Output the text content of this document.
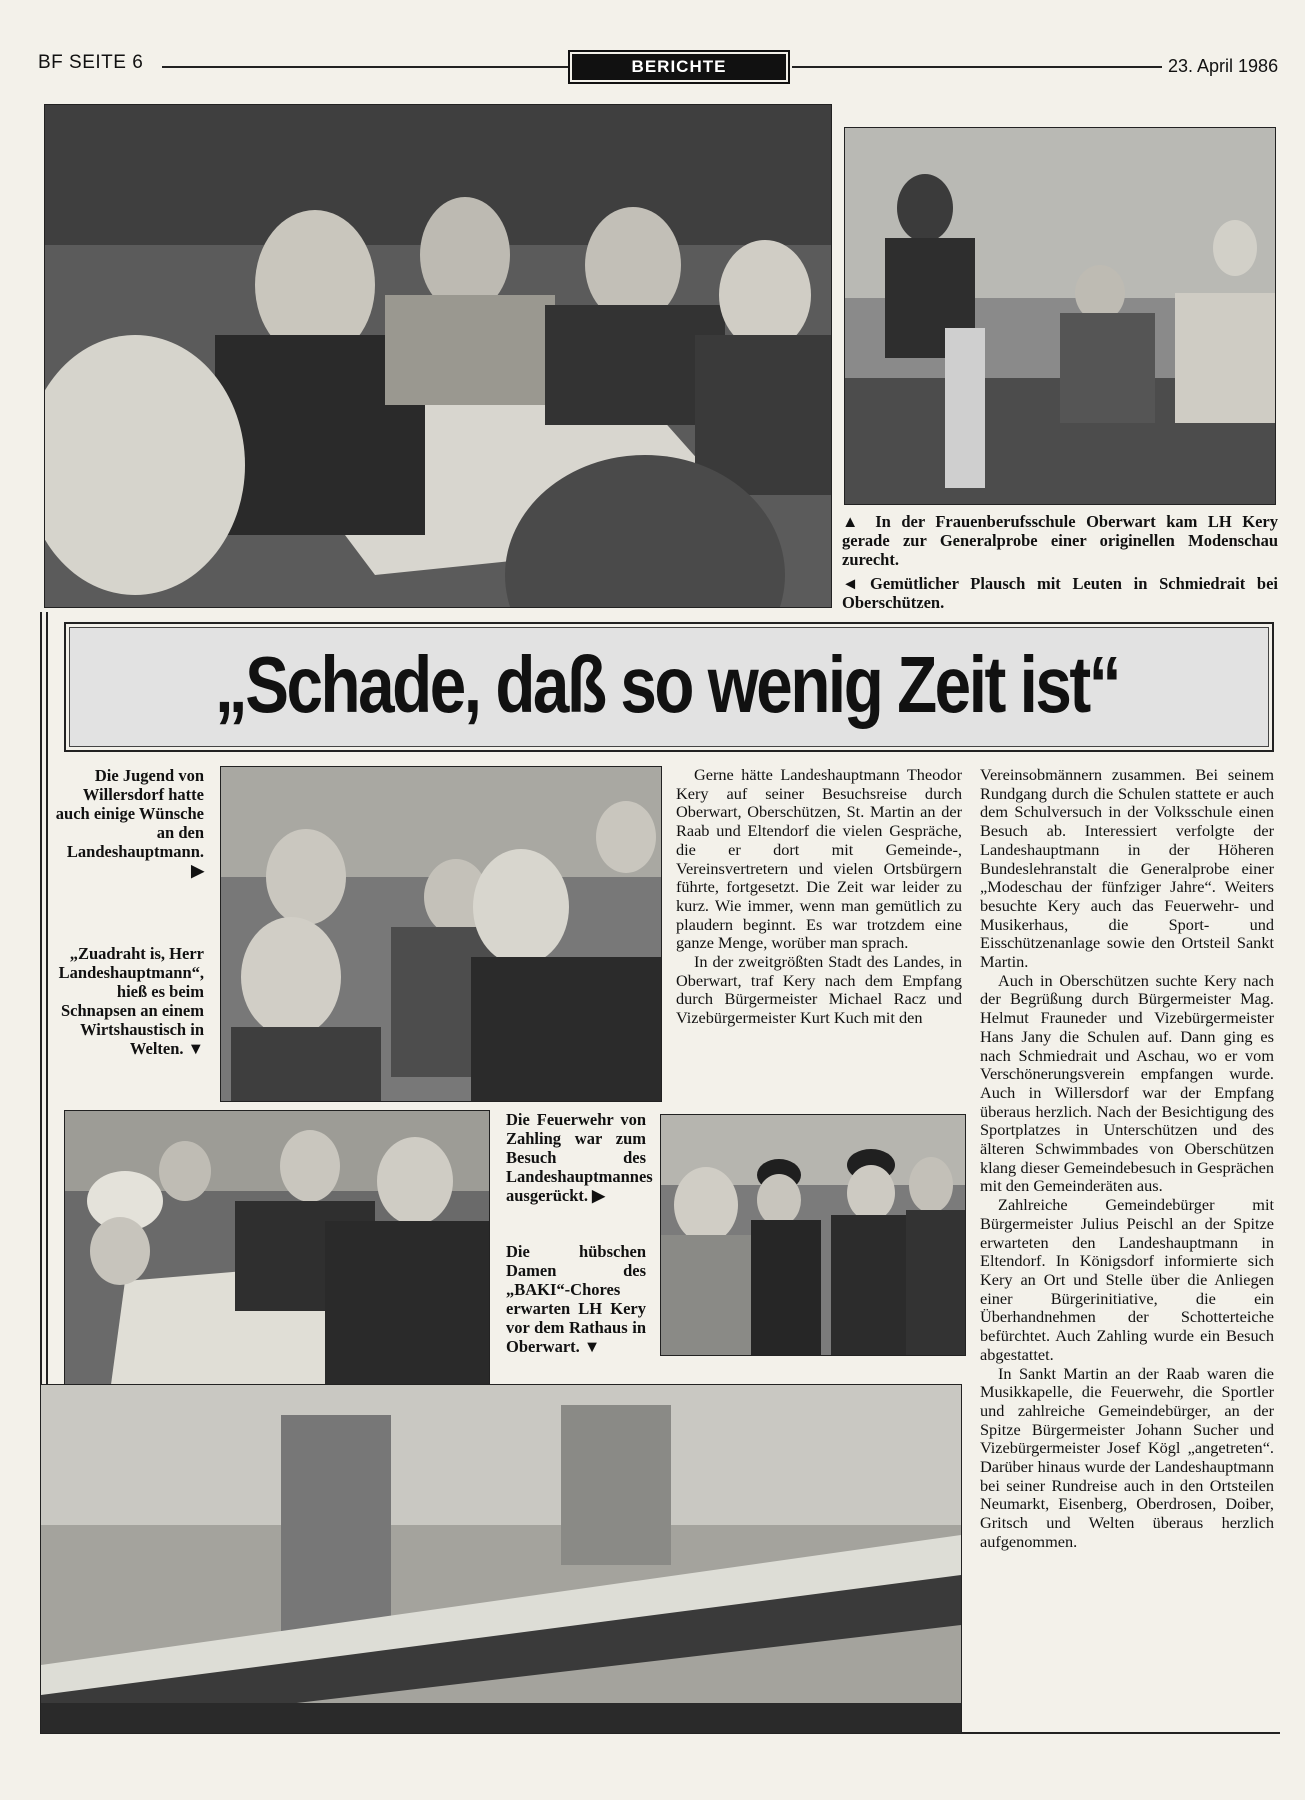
BF SEITE 6	BERICHTE	23. April 1986
▲ In der Frauenberufsschule Oberwart kam LH Kery gerade zur Generalprobe einer originellen Modenschau zurecht.
◄ Gemütlicher Plausch mit Leuten in Schmiedrait bei Oberschützen.
„Schade, daß so wenig Zeit ist“
Die Jugend von Willersdorf hatte auch einige Wünsche an den Landeshauptmann. ▶
„Zuadraht is, Herr Landeshauptmann“, hieß es beim Schnapsen an einem Wirtshaustisch in Welten. ▼
Die Feuerwehr von Zahling war zum Besuch des Landeshauptmannes ausgerückt. ▶
Die hübschen Damen des „BAKI“-Chores erwarten LH Kery vor dem Rathaus in Oberwart. ▼

Gerne hätte Landeshauptmann Theodor Kery auf seiner Besuchsreise durch Oberwart, Oberschützen, St. Martin an der Raab und Eltendorf die vielen Gespräche, die er dort mit Gemeinde-, Vereinsvertretern und vielen Ortsbürgern führte, fortgesetzt. Die Zeit war leider zu kurz. Wie immer, wenn man gemütlich zu plaudern beginnt. Es war trotzdem eine ganze Menge, worüber man sprach.

In der zweitgrößten Stadt des Landes, in Oberwart, traf Kery nach dem Empfang durch Bürgermeister Michael Racz und Vizebürgermeister Kurt Kuch mit den

Vereinsobmännern zusammen. Bei seinem Rundgang durch die Schulen stattete er auch dem Schulversuch in der Volksschule einen Besuch ab. Interessiert verfolgte der Landeshauptmann in der Höheren Bundeslehranstalt die Generalprobe einer „Modeschau der fünfziger Jahre“. Weiters besuchte Kery auch das Feuerwehr- und Musikerhaus, die Sport- und Eisschützenanlage sowie den Ortsteil Sankt Martin.

Auch in Oberschützen suchte Kery nach der Begrüßung durch Bürgermeister Mag. Helmut Frauneder und Vizebürgermeister Hans Jany die Schulen auf. Dann ging es nach Schmiedrait und Aschau, wo er vom Verschönerungsverein empfangen wurde. Auch in Willersdorf war der Empfang überaus herzlich. Nach der Besichtigung des Sportplatzes in Unterschützen und des älteren Schwimmbades von Oberschützen klang dieser Gemeindebesuch in Gesprächen mit den Gemeinderäten aus.

Zahlreiche Gemeindebürger mit Bürgermeister Julius Peischl an der Spitze erwarteten den Landeshauptmann in Eltendorf. In Königsdorf informierte sich Kery an Ort und Stelle über die Anliegen einer Bürgerinitiative, die ein Überhandnehmen der Schotterteiche befürchtet. Auch Zahling wurde ein Besuch abgestattet.

In Sankt Martin an der Raab waren die Musikkapelle, die Feuerwehr, die Sportler und zahlreiche Gemeindebürger, an der Spitze Bürgermeister Johann Sucher und Vizebürgermeister Josef Kögl „angetreten“. Darüber hinaus wurde der Landeshauptmann bei seiner Rundreise auch in den Ortsteilen Neumarkt, Eisenberg, Oberdrosen, Doiber, Gritsch und Welten überaus herzlich aufgenommen.
